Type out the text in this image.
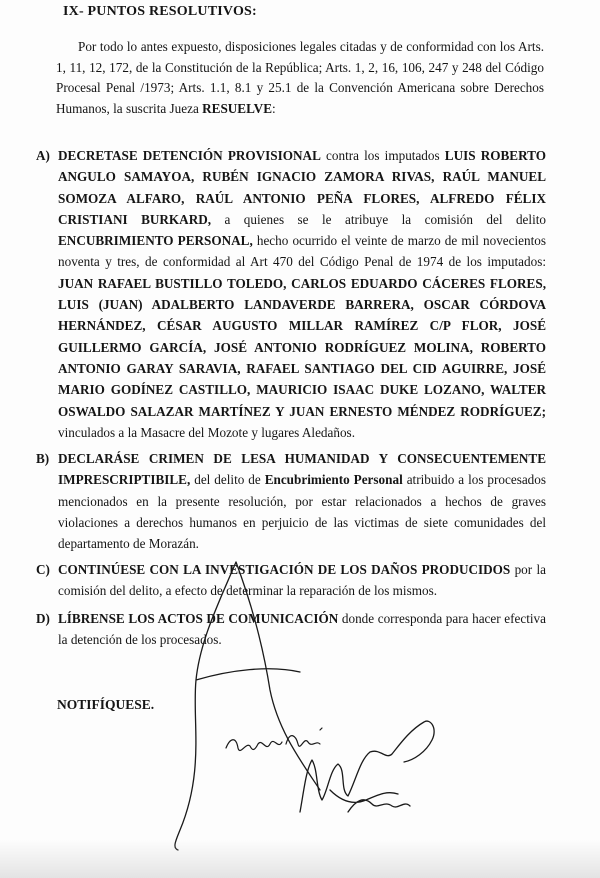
IX- PUNTOS RESOLUTIVOS:
Por todo lo antes expuesto, disposiciones legales citadas y de conformidad con los Arts. 1, 11, 12, 172, de la Constitución de la República; Arts. 1, 2, 16, 106, 247 y 248 del Código Procesal Penal /1973; Arts. 1.1, 8.1 y 25.1 de la Convención Americana sobre Derechos Humanos, la suscrita Jueza RESUELVE:
A) DECRETASE DETENCIÓN PROVISIONAL contra los imputados LUIS ROBERTO ANGULO SAMAYOA, RUBÉN IGNACIO ZAMORA RIVAS, RAÚL MANUEL SOMOZA ALFARO, RAÚL ANTONIO PEÑA FLORES, ALFREDO FÉLIX CRISTIANI BURKARD, a quienes se le atribuye la comisión del delito ENCUBRIMIENTO PERSONAL, hecho ocurrido el veinte de marzo de mil novecientos noventa y tres, de conformidad al Art 470 del Código Penal de 1974 de los imputados: JUAN RAFAEL BUSTILLO TOLEDO, CARLOS EDUARDO CÁCERES FLORES, LUIS (JUAN) ADALBERTO LANDAVERDE BARRERA, OSCAR CÓRDOVA HERNÁNDEZ, CÉSAR AUGUSTO MILLAR RAMÍREZ C/P FLOR, JOSÉ GUILLERMO GARCÍA, JOSÉ ANTONIO RODRÍGUEZ MOLINA, ROBERTO ANTONIO GARAY SARAVIA, RAFAEL SANTIAGO DEL CID AGUIRRE, JOSÉ MARIO GODÍNEZ CASTILLO, MAURICIO ISAAC DUKE LOZANO, WALTER OSWALDO SALAZAR MARTÍNEZ Y JUAN ERNESTO MÉNDEZ RODRÍGUEZ; vinculados a la Masacre del Mozote y lugares Aledaños.
B) DECLARÁSE CRIMEN DE LESA HUMANIDAD Y CONSECUENTEMENTE IMPRESCRIPTIBILE, del delito de Encubrimiento Personal atribuido a los procesados mencionados en la presente resolución, por estar relacionados a hechos de graves violaciones a derechos humanos en perjuicio de las victimas de siete comunidades del departamento de Morazán.
C) CONTINÚESE CON LA INVESTIGACIÓN DE LOS DAÑOS PRODUCIDOS por la comisión del delito, a efecto de determinar la reparación de los mismos.
D) LÍBRENSE LOS ACTOS DE COMUNICACIÓN donde corresponda para hacer efectiva la detención de los procesados.
NOTIFÍQUESE.
